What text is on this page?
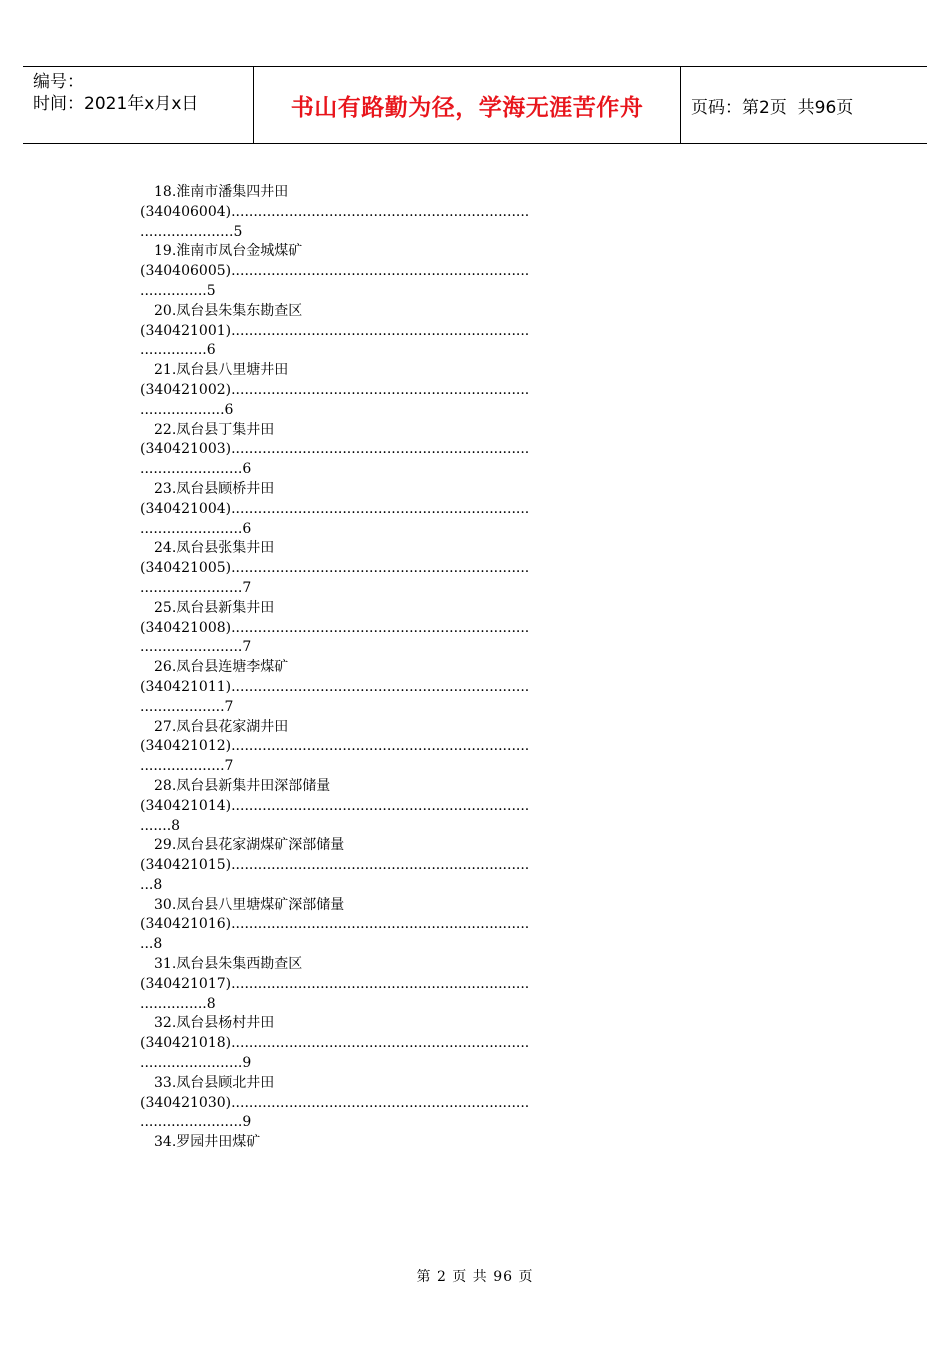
编号：
时间：2021年x月x日	书山有路勤为径，学海无涯苦作舟	页码：第2页  共96页
18.淮南市潘集四井田
(340406004)...................................................................
.....................5
19.淮南市凤台金城煤矿
(340406005)...................................................................
...............5
20.凤台县朱集东勘查区
(340421001)...................................................................
...............6
21.凤台县八里塘井田
(340421002)...................................................................
...................6
22.凤台县丁集井田
(340421003)...................................................................
.......................6
23.凤台县顾桥井田
(340421004)...................................................................
.......................6
24.凤台县张集井田
(340421005)...................................................................
.......................7
25.凤台县新集井田
(340421008)...................................................................
.......................7
26.凤台县连塘李煤矿
(340421011)...................................................................
...................7
27.凤台县花家湖井田
(340421012)...................................................................
...................7
28.凤台县新集井田深部储量
(340421014)...................................................................
.......8
29.凤台县花家湖煤矿深部储量
(340421015)...................................................................
...8
30.凤台县八里塘煤矿深部储量
(340421016)...................................................................
...8
31.凤台县朱集西勘查区
(340421017)...................................................................
...............8
32.凤台县杨村井田
(340421018)...................................................................
.......................9
33.凤台县顾北井田
(340421030)...................................................................
.......................9
34.罗园井田煤矿
第 2 页 共 96 页
